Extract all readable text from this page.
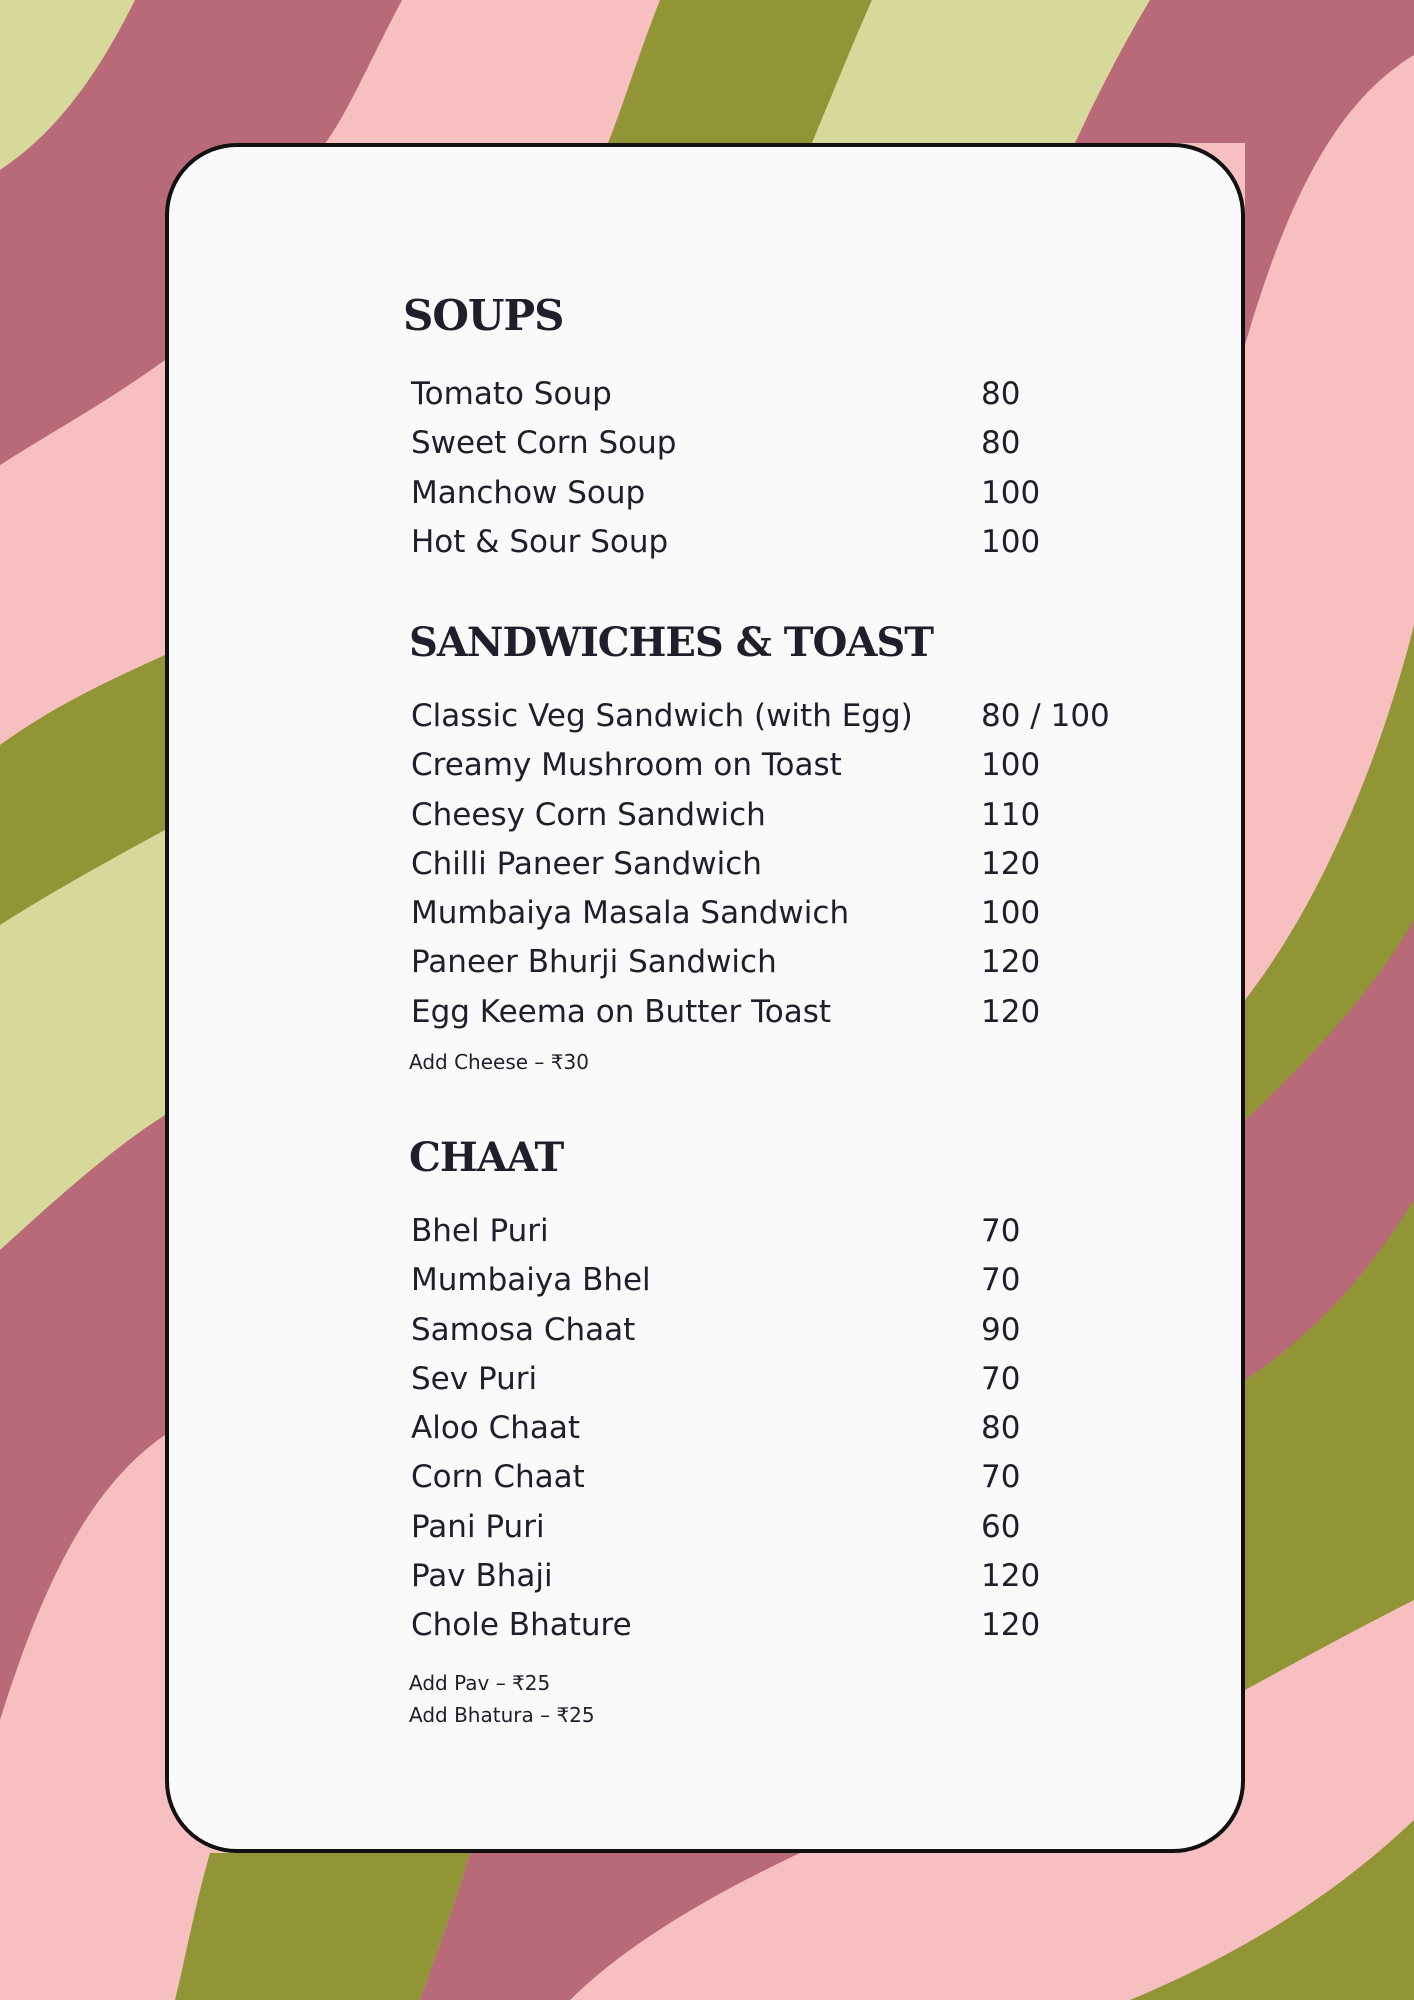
SOUPS
Tomato Soup	80
Sweet Corn Soup	80
Manchow Soup	100
Hot & Sour Soup	100
SANDWICHES & TOAST
Classic Veg Sandwich (with Egg) 80 / 100
Creamy Mushroom on Toast	100
Cheesy Corn Sandwich	110
Chilli Paneer Sandwich	120
Mumbaiya Masala Sandwich	100
Paneer Bhurji Sandwich	120
Egg Keema on Butter Toast	120

Add Cheese – ₹30

CHAAT
Bhel Puri	70
Mumbaiya Bhel	70
Samosa Chaat	90
Sev Puri	70
Aloo Chaat	80
Corn Chaat	70
Pani Puri	60
Pav Bhaji	120
Chole Bhature	120

Add Pav – ₹25

Add Bhatura – ₹25
